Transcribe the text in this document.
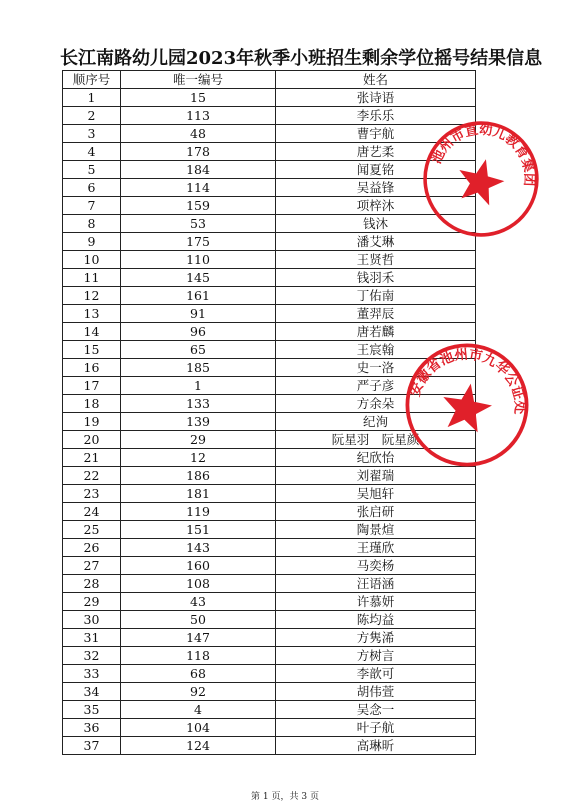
长江南路幼儿园2023年秋季小班招生剩余学位摇号结果信息
顺序号	唯一编号	姓名
1	15	张诗语
2	113	李乐乐
3	48	曹宇航
4	178	唐艺柔
5	184	闻夏铭
6	114	吴益锋
7	159	项梓沐
8	53	钱沐
9	175	潘艾琳
10	110	王贤哲
11	145	钱羽禾
12	161	丁佑南
13	91	董羿辰
14	96	唐若麟
15	65	王宸翰
16	185	史一洛
17	1	严子彦
18	133	方余朵
19	139	纪洵
20	29	阮星羽　阮星颜
21	12	纪欣怡
22	186	刘翟瑞
23	181	吴旭轩
24	119	张启研
25	151	陶景煊
26	143	王瑾欣
27	160	马奕杨
28	108	汪语涵
29	43	许慕妍
30	50	陈均益
31	147	方隽浠
32	118	方树言
33	68	李歆可
34	92	胡伟萱
35	4	吴念一
36	104	叶子航
37	124	高琳昕
池州市直幼儿教育集团
安徽省池州市九华公证处
第 1 页，共 3 页
